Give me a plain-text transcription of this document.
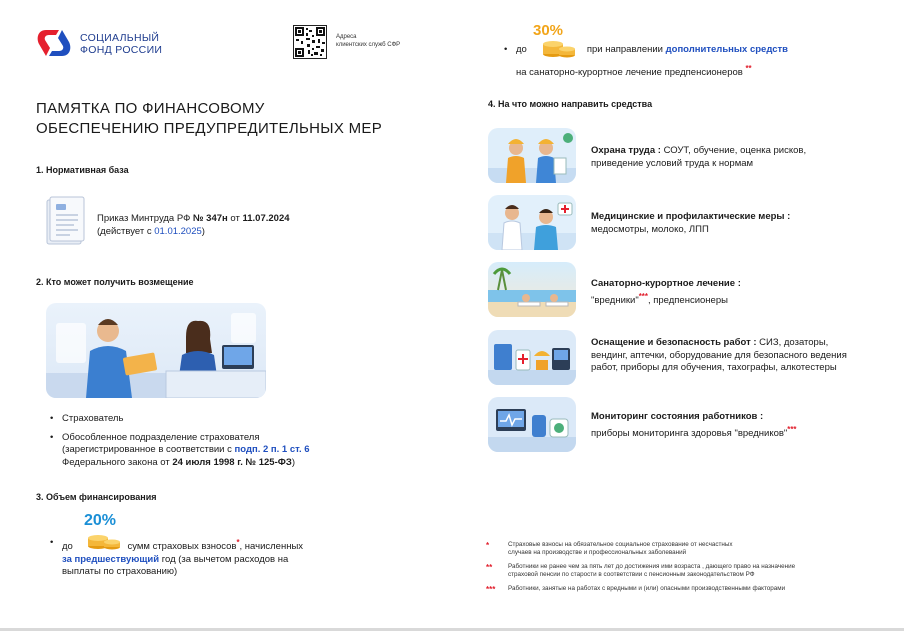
СОЦИАЛЬНЫЙ
ФОНД РОССИИ
Адреса
клиентских служб СФР
ПАМЯТКА ПО ФИНАНСОВОМУ
ОБЕСПЕЧЕНИЮ ПРЕДУПРЕДИТЕЛЬНЫХ МЕР
1. Нормативная база
Приказ Минтруда РФ № 347н от 11.07.2024
(действует с 01.01.2025)
2. Кто может получить возмещение
• Страхователь
• Обособленное подразделение страхователя
(зарегистрированное в соответствии с подп. 2 п. 1 ст. 6
Федерального закона от 24 июля 1998 г. № 125-ФЗ)
3. Объем финансирования
20%
• до	сумм страховых взносов*, начисленных
за предшествующий год (за вычетом расходов на
выплаты по страхованию)
30%
• до	при направлении дополнительных средств
на санаторно-курортное лечение предпенсионеров **
4. На что можно направить средства
Охрана труда : СОУТ, обучение, оценка рисков,
приведение условий труда к нормам
Медицинские и профилактические меры :
медосмотры, молоко, ЛПП
Санаторно-курортное лечение :
"вредники"***, предпенсионеры
Оснащение и безопасность работ : СИЗ, дозаторы,
вендинг, аптечки, оборудование для безопасного ведения
работ, приборы для обучения, тахографы, алкотестеры
Мониторинг состояния работников :
приборы мониторинга здоровья "вредников"***
*	Страховые взносы на обязательное социальное страхование от несчастных
случаев на производстве и профессиональных заболеваний
**	Работники не ранее чем за пять лет до достижения ими возраста , дающего право на назначение
страховой пенсии по старости в соответствии с пенсионным законодательством РФ
*** Работники, занятые на работах с вредными и (или) опасными производственными факторами
